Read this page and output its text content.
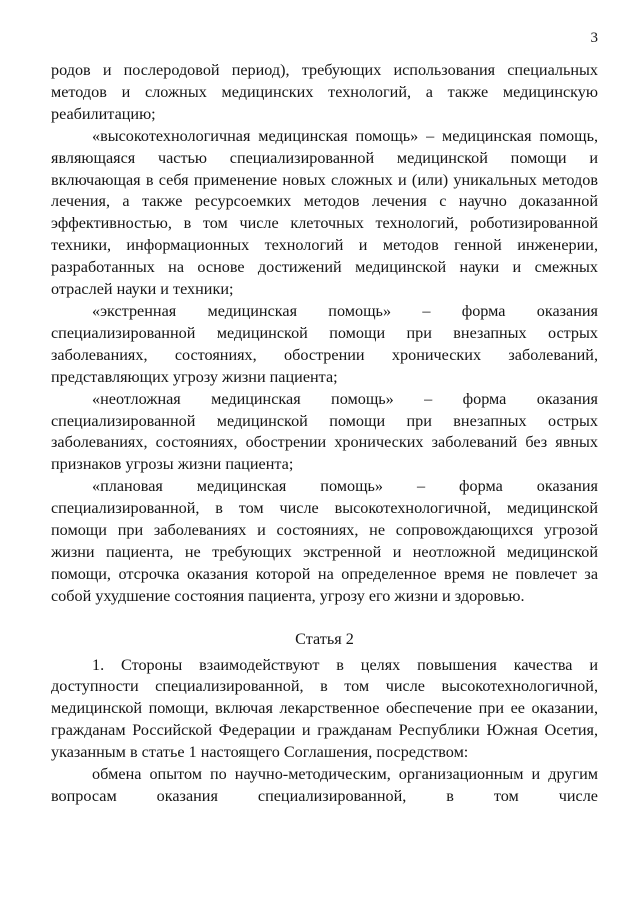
3

родов и послеродовой период), требующих использования специальных методов и сложных медицинских технологий, а также медицинскую реабилитацию;

«высокотехнологичная медицинская помощь» – медицинская помощь, являющаяся частью специализированной медицинской помощи и включающая в себя применение новых сложных и (или) уникальных методов лечения, а также ресурсоемких методов лечения с научно доказанной эффективностью, в том числе клеточных технологий, роботизированной техники, информационных технологий и методов генной инженерии, разработанных на основе достижений медицинской науки и смежных отраслей науки и техники;

«экстренная медицинская помощь» – форма оказания специализированной медицинской помощи при внезапных острых заболеваниях, состояниях, обострении хронических заболеваний, представляющих угрозу жизни пациента;

«неотложная медицинская помощь» – форма оказания специализированной медицинской помощи при внезапных острых заболеваниях, состояниях, обострении хронических заболеваний без явных признаков угрозы жизни пациента;

«плановая медицинская помощь» – форма оказания специализированной, в том числе высокотехнологичной, медицинской помощи при заболеваниях и состояниях, не сопровождающихся угрозой жизни пациента, не требующих экстренной и неотложной медицинской помощи, отсрочка оказания которой на определенное время не повлечет за собой ухудшение состояния пациента, угрозу его жизни и здоровью.

Статья 2

1. Стороны взаимодействуют в целях повышения качества и доступности специализированной, в том числе высокотехнологичной, медицинской помощи, включая лекарственное обеспечение при ее оказании, гражданам Российской Федерации и гражданам Республики Южная Осетия, указанным в статье 1 настоящего Соглашения, посредством:

обмена опытом по научно-методическим, организационным и другим вопросам оказания специализированной, в том числе
